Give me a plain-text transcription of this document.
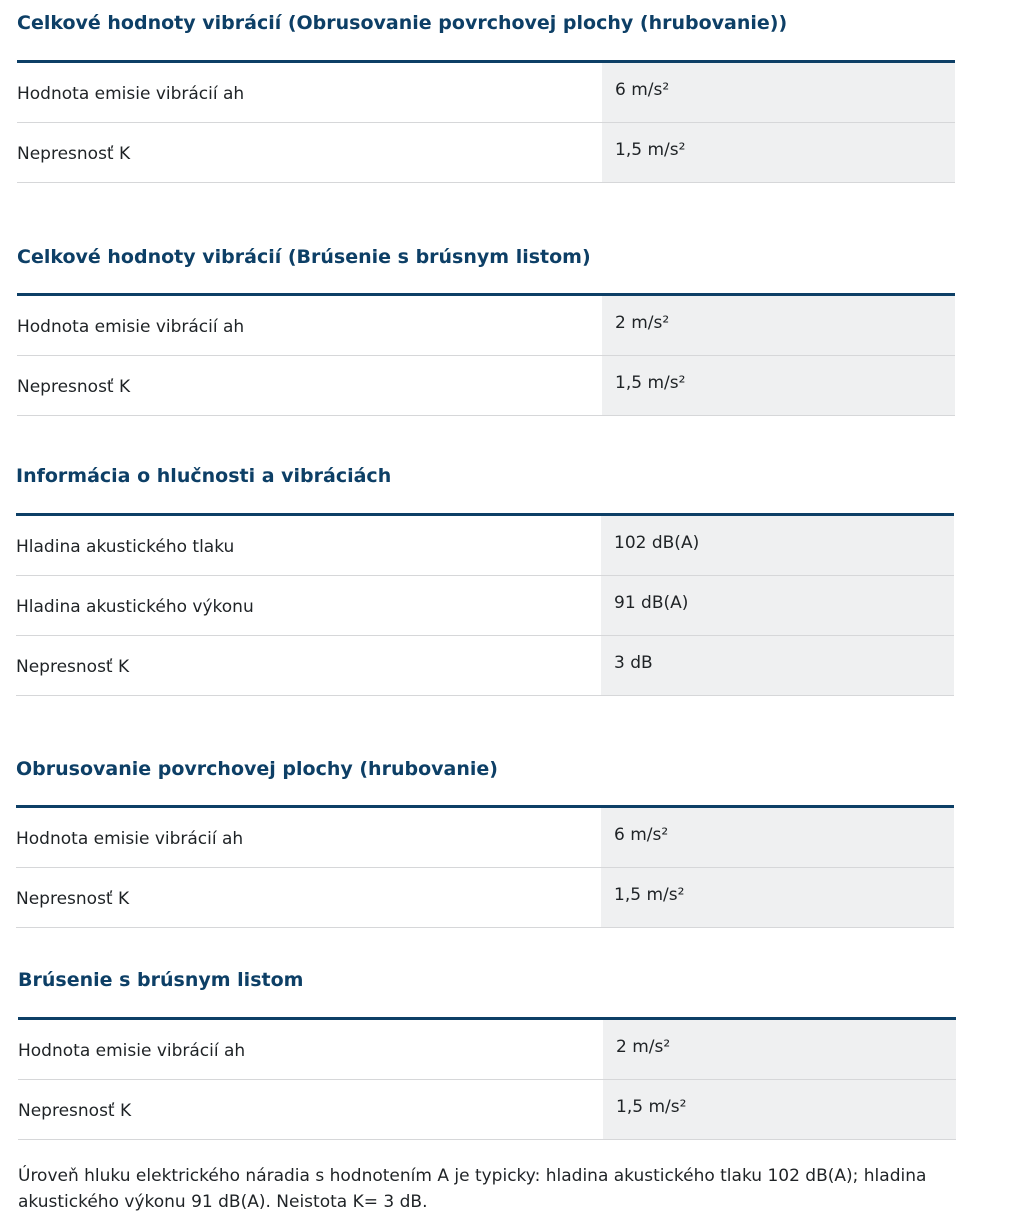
Celkové hodnoty vibrácií (Obrusovanie povrchovej plochy (hrubovanie))
Hodnota emisie vibrácií ah	6 m/s²
Nepresnosť K	1,5 m/s²
Celkové hodnoty vibrácií (Brúsenie s brúsnym listom)
Hodnota emisie vibrácií ah	2 m/s²
Nepresnosť K	1,5 m/s²
Informácia o hlučnosti a vibráciách
Hladina akustického tlaku	102 dB(A)
Hladina akustického výkonu	91 dB(A)
Nepresnosť K	3 dB
Obrusovanie povrchovej plochy (hrubovanie)
Hodnota emisie vibrácií ah	6 m/s²
Nepresnosť K	1,5 m/s²
Brúsenie s brúsnym listom
Hodnota emisie vibrácií ah	2 m/s²
Nepresnosť K	1,5 m/s²

Úroveň hluku elektrického náradia s hodnotením A je typicky: hladina akustického tlaku 102 dB(A); hladina akustického výkonu 91 dB(A). Neistota K= 3 dB.
